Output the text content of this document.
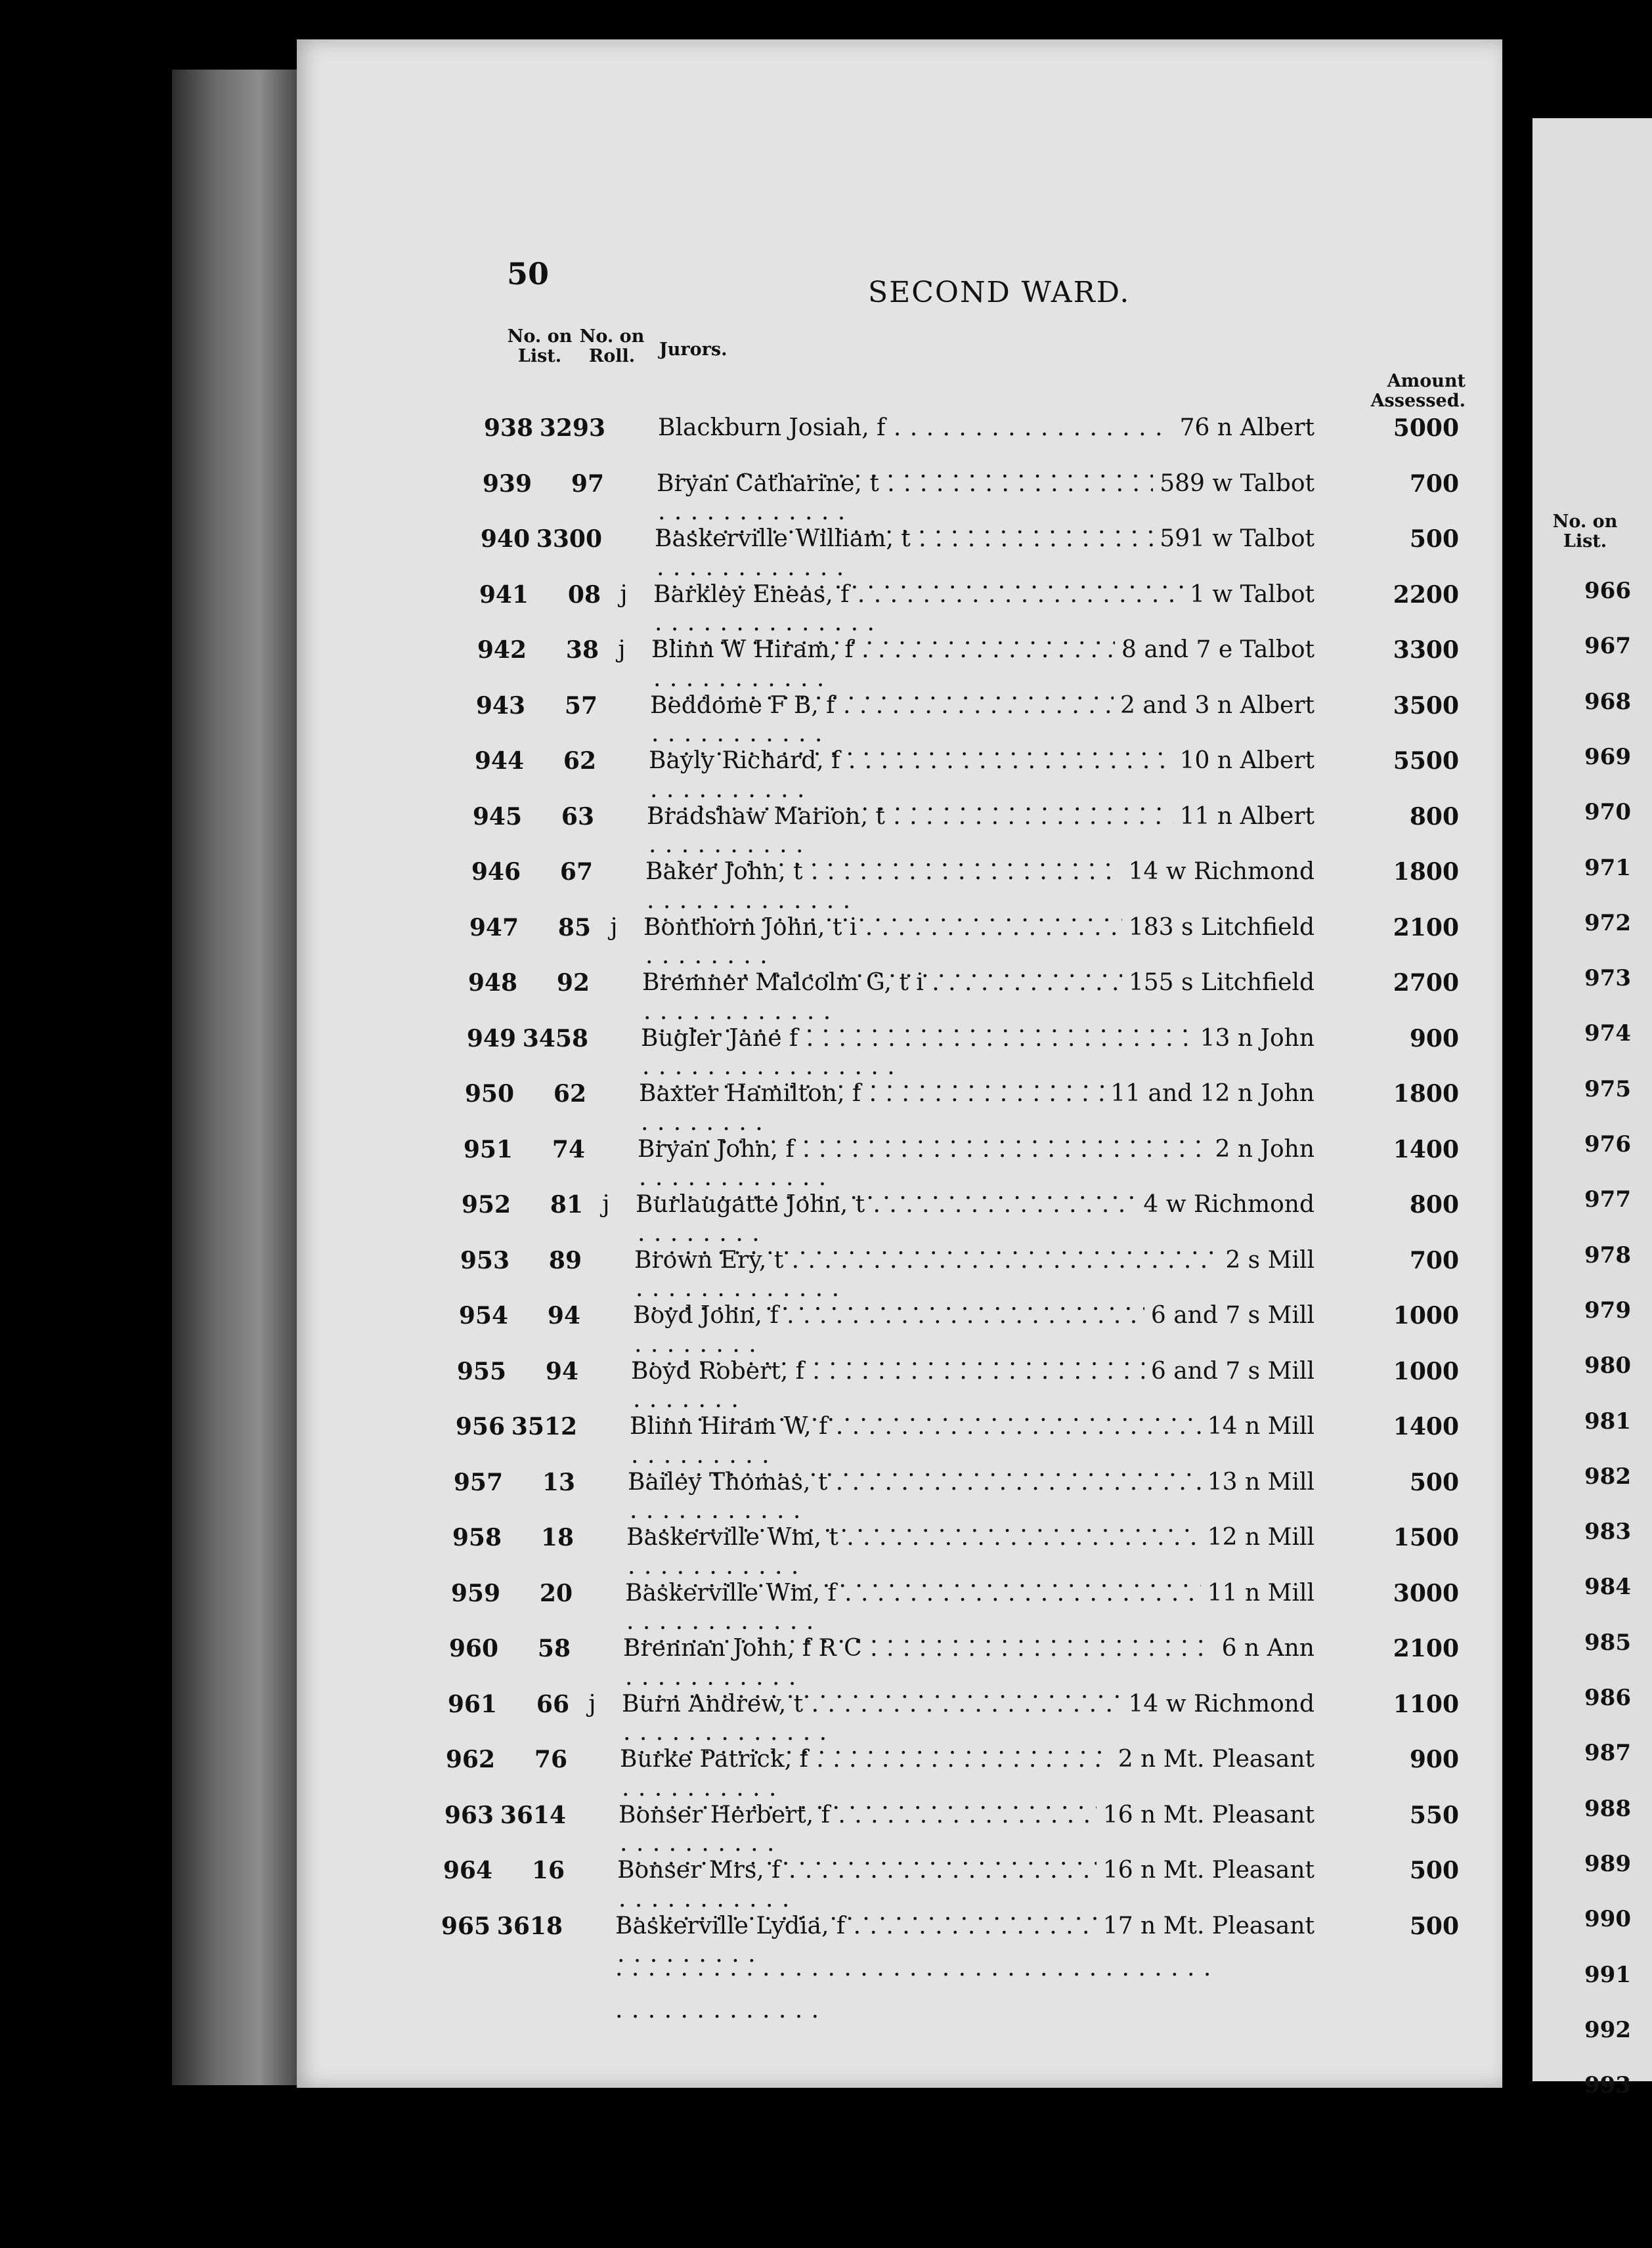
50
SECOND WARD.
No. on List.
No. on Roll.	Jurors.
Amount Assessed.
938 3293 Blackburn Josiah, f . . .	76 n Albert	5000
939	97 Bryan Catharine, t . . .	589 w Talbot	700
940 3300 Baskerville William, t . . .	591 w Talbot	500
941	08 j Barkley Eneas, f . . .	1 w Talbot	2200
942	38 j Blinn W Hiram, f . . .	8 and 7 e Talbot	3300
943	57 Beddome F B, f . . .	2 and 3 n Albert	3500
944	62 Bayly Richard, f . . .	10 n Albert	5500
945	63 Bradshaw Marion, t . . .	11 n Albert	800
946	67 Baker John, t . . .	14 w Richmond	1800
947	85 j Bonthorn John, t i . . .	183 s Litchfield	2100
948	92 Bremner Malcolm G, t i . . .	155 s Litchfield	2700
949 3458 Bugler Jane f . . .	13 n John	900
950	62 Baxter Hamilton, f . . .	11 and 12 n John	1800
951	74 Bryan John, f . . .	2 n John	1400
952	81 j Burlaugatte John, t . . .	4 w Richmond	800
953	89 Brown Ery, t . . .	2 s Mill	700
954	94 Boyd John, f . . .	6 and 7 s Mill	1000
955	94 Boyd Robert, f . . .	6 and 7 s Mill	1000
956 3512 Blinn Hiram W, f . . .	14 n Mill	1400
957	13 Bailey Thomas, t . . .	13 n Mill	500
958	18 Baskerville Wm, t . . .	12 n Mill	1500
959	20 Baskerville Wm, f . . .	11 n Mill	3000
960	58 Brennan John, f R C . . .	6 n Ann	2100
961	66 j Burn Andrew, t . . .	14 w Richmond	1100
962	76 Burke Patrick, f . . .	2 n Mt. Pleasant	900
963 3614 Bonser Herbert, f . . .	16 n Mt. Pleasant	550
964	16 Bonser Mrs, f . . .	16 n Mt. Pleasant	500
965 3618 Baskerville Lydia, f . . .	17 n Mt. Pleasant	500
No. on List.
966
967
968
969
970
971
972
973
974
975
976
977
978
979
980
981
982
983
984
985
986
987
988
989
990
991
992
993
